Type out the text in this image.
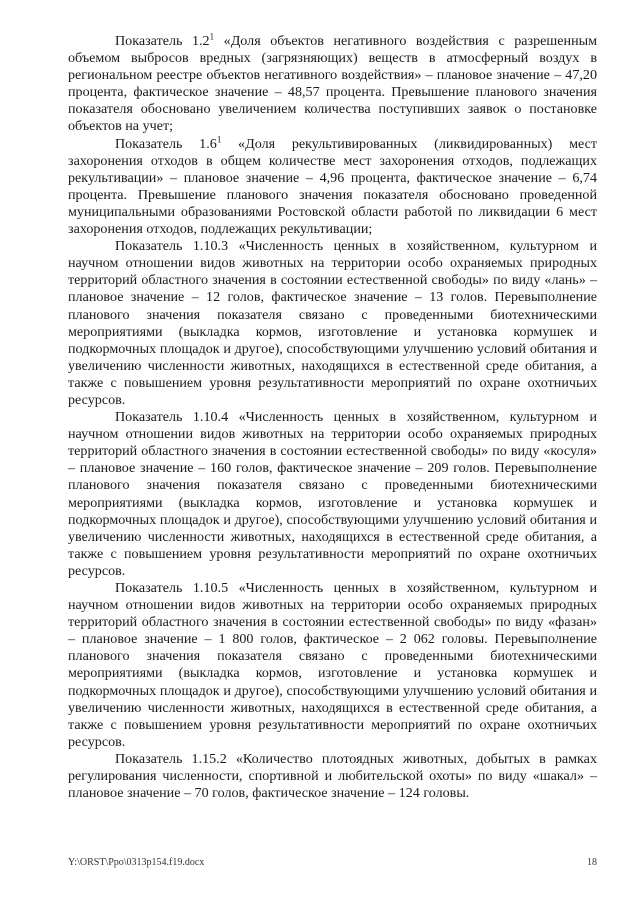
Показатель $1.2^1$ «Доля объектов негативного воздействия с разрешенным объемом выбросов вредных (загрязняющих) веществ в атмосферный воздух в региональном реестре объектов негативного воздействия» – плановое значение – 47,20 процента, фактическое значение – 48,57 процента. Превышение планового значения показателя обосновано увеличением количества поступивших заявок о постановке объектов на учет;

Показатель $1.6^1$ «Доля рекультивированных (ликвидированных) мест захоронения отходов в общем количестве мест захоронения отходов, подлежащих рекультивации» – плановое значение – 4,96 процента, фактическое значение – 6,74 процента. Превышение планового значения показателя обосновано проведенной муниципальными образованиями Ростовской области работой по ликвидации 6 мест захоронения отходов, подлежащих рекультивации;

Показатель 1.10.3 «Численность ценных в хозяйственном, культурном и научном отношении видов животных на территории особо охраняемых природных территорий областного значения в состоянии естественной свободы» по виду «лань» – плановое значение – 12 голов, фактическое значение – 13 голов. Перевыполнение планового значения показателя связано с проведенными биотехническими мероприятиями (выкладка кормов, изготовление и установка кормушек и подкормочных площадок и другое), способствующими улучшению условий обитания и увеличению численности животных, находящихся в естественной среде обитания, а также с повышением уровня результативности мероприятий по охране охотничьих ресурсов.

Показатель 1.10.4 «Численность ценных в хозяйственном, культурном и научном отношении видов животных на территории особо охраняемых природных территорий областного значения в состоянии естественной свободы» по виду «косуля» – плановое значение – 160 голов, фактическое значение – 209 голов. Перевыполнение планового значения показателя связано с проведенными биотехническими мероприятиями (выкладка кормов, изготовление и установка кормушек и подкормочных площадок и другое), способствующими улучшению условий обитания и увеличению численности животных, находящихся в естественной среде обитания, а также с повышением уровня результативности мероприятий по охране охотничьих ресурсов.

Показатель 1.10.5 «Численность ценных в хозяйственном, культурном и научном отношении видов животных на территории особо охраняемых природных территорий областного значения в состоянии естественной свободы» по виду «фазан» – плановое значение – 1 800 голов, фактическое – 2 062 головы. Перевыполнение планового значения показателя связано с проведенными биотехническими мероприятиями (выкладка кормов, изготовление и установка кормушек и подкормочных площадок и другое), способствующими улучшению условий обитания и увеличению численности животных, находящихся в естественной среде обитания, а также с повышением уровня результативности мероприятий по охране охотничьих ресурсов.

Показатель 1.15.2 «Количество плотоядных животных, добытых в рамках регулирования численности, спортивной и любительской охоты» по виду «шакал» – плановое значение – 70 голов, фактическое значение – 124 головы.

Y:\ORST\Ppo\0313p154.f19.docx	18
